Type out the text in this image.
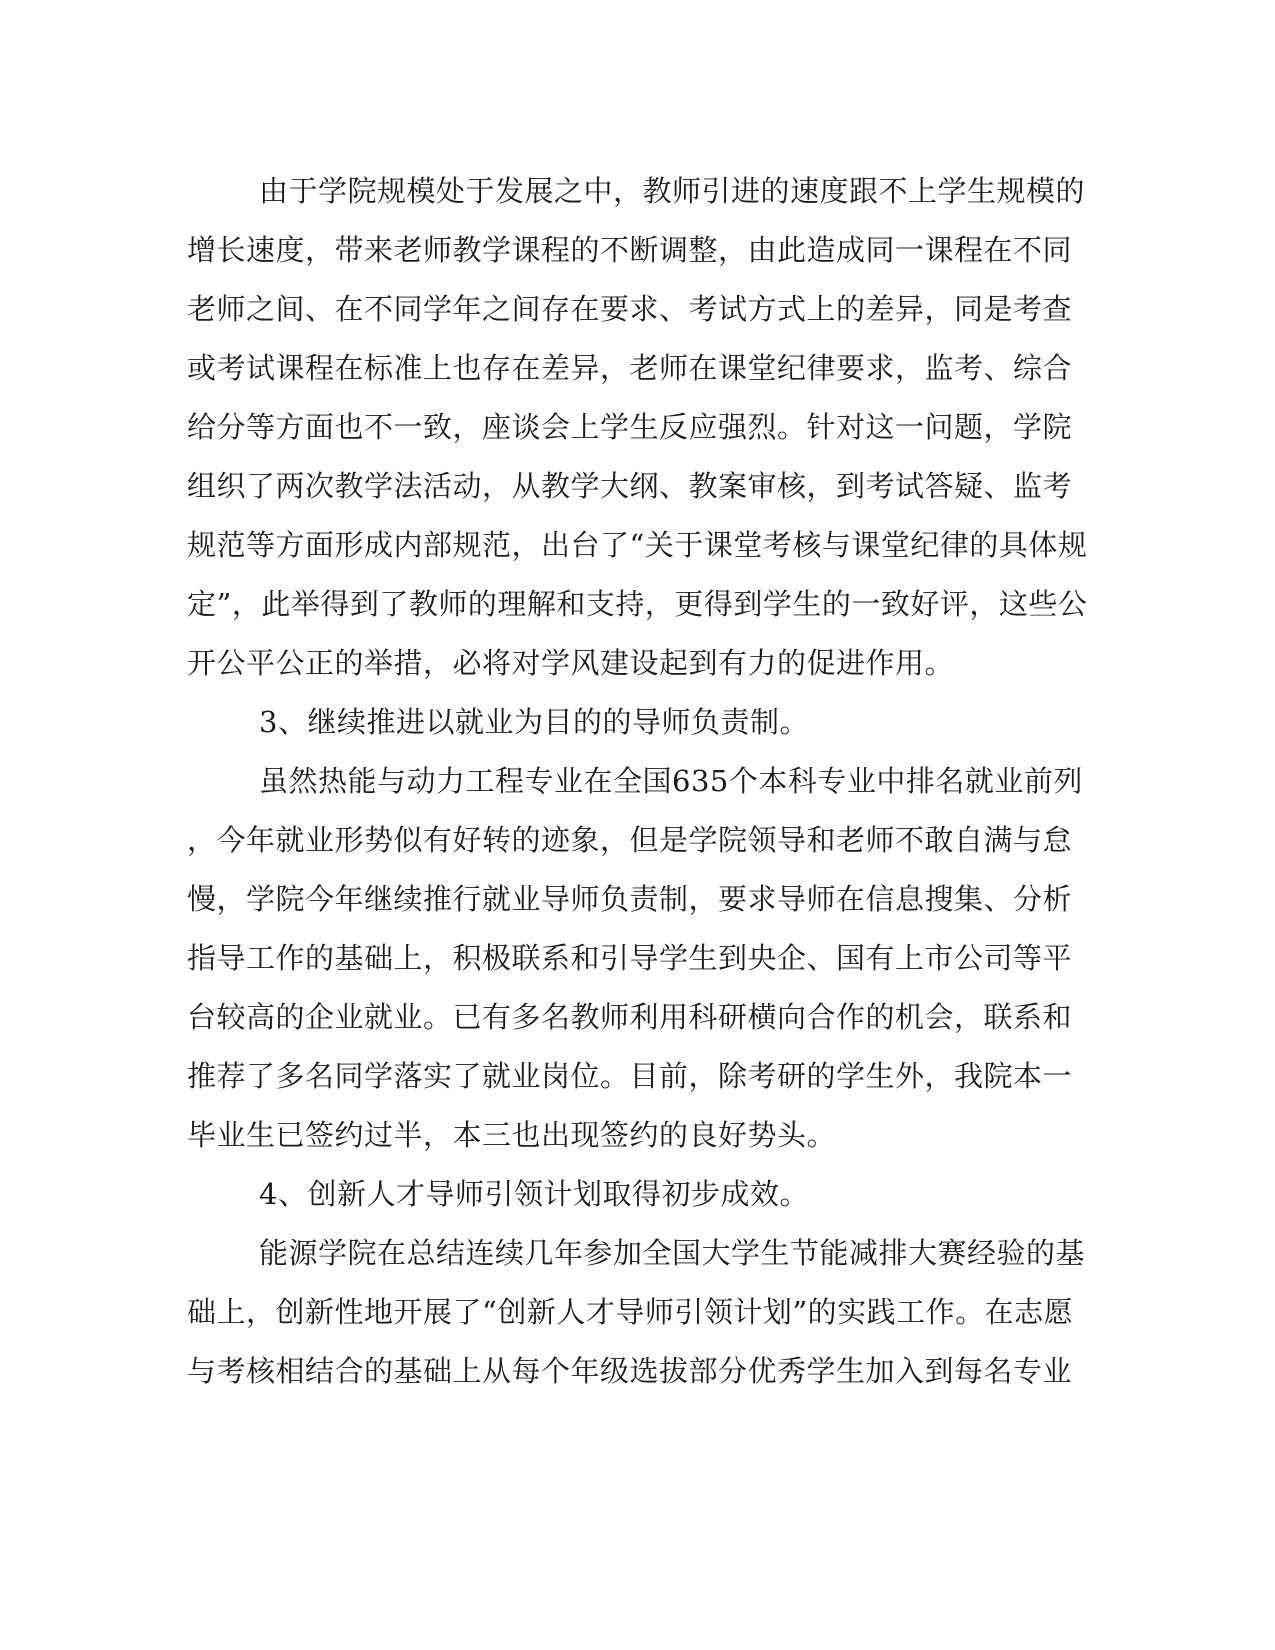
由于学院规模处于发展之中，教师引进的速度跟不上学生规模的
增长速度，带来老师教学课程的不断调整，由此造成同一课程在不同
老师之间、在不同学年之间存在要求、考试方式上的差异，同是考查
或考试课程在标准上也存在差异，老师在课堂纪律要求，监考、综合
给分等方面也不一致，座谈会上学生反应强烈。针对这一问题，学院
组织了两次教学法活动，从教学大纲、教案审核，到考试答疑、监考
规范等方面形成内部规范，出台了“关于课堂考核与课堂纪律的具体规
定”，此举得到了教师的理解和支持，更得到学生的一致好评，这些公
开公平公正的举措，必将对学风建设起到有力的促进作用。
3、继续推进以就业为目的的导师负责制。
虽然热能与动力工程专业在全国635个本科专业中排名就业前列
，今年就业形势似有好转的迹象，但是学院领导和老师不敢自满与怠
慢，学院今年继续推行就业导师负责制，要求导师在信息搜集、分析
指导工作的基础上，积极联系和引导学生到央企、国有上市公司等平
台较高的企业就业。已有多名教师利用科研横向合作的机会，联系和
推荐了多名同学落实了就业岗位。目前，除考研的学生外，我院本一
毕业生已签约过半，本三也出现签约的良好势头。
4、创新人才导师引领计划取得初步成效。
能源学院在总结连续几年参加全国大学生节能减排大赛经验的基
础上，创新性地开展了“创新人才导师引领计划”的实践工作。在志愿
与考核相结合的基础上从每个年级选拔部分优秀学生加入到每名专业
